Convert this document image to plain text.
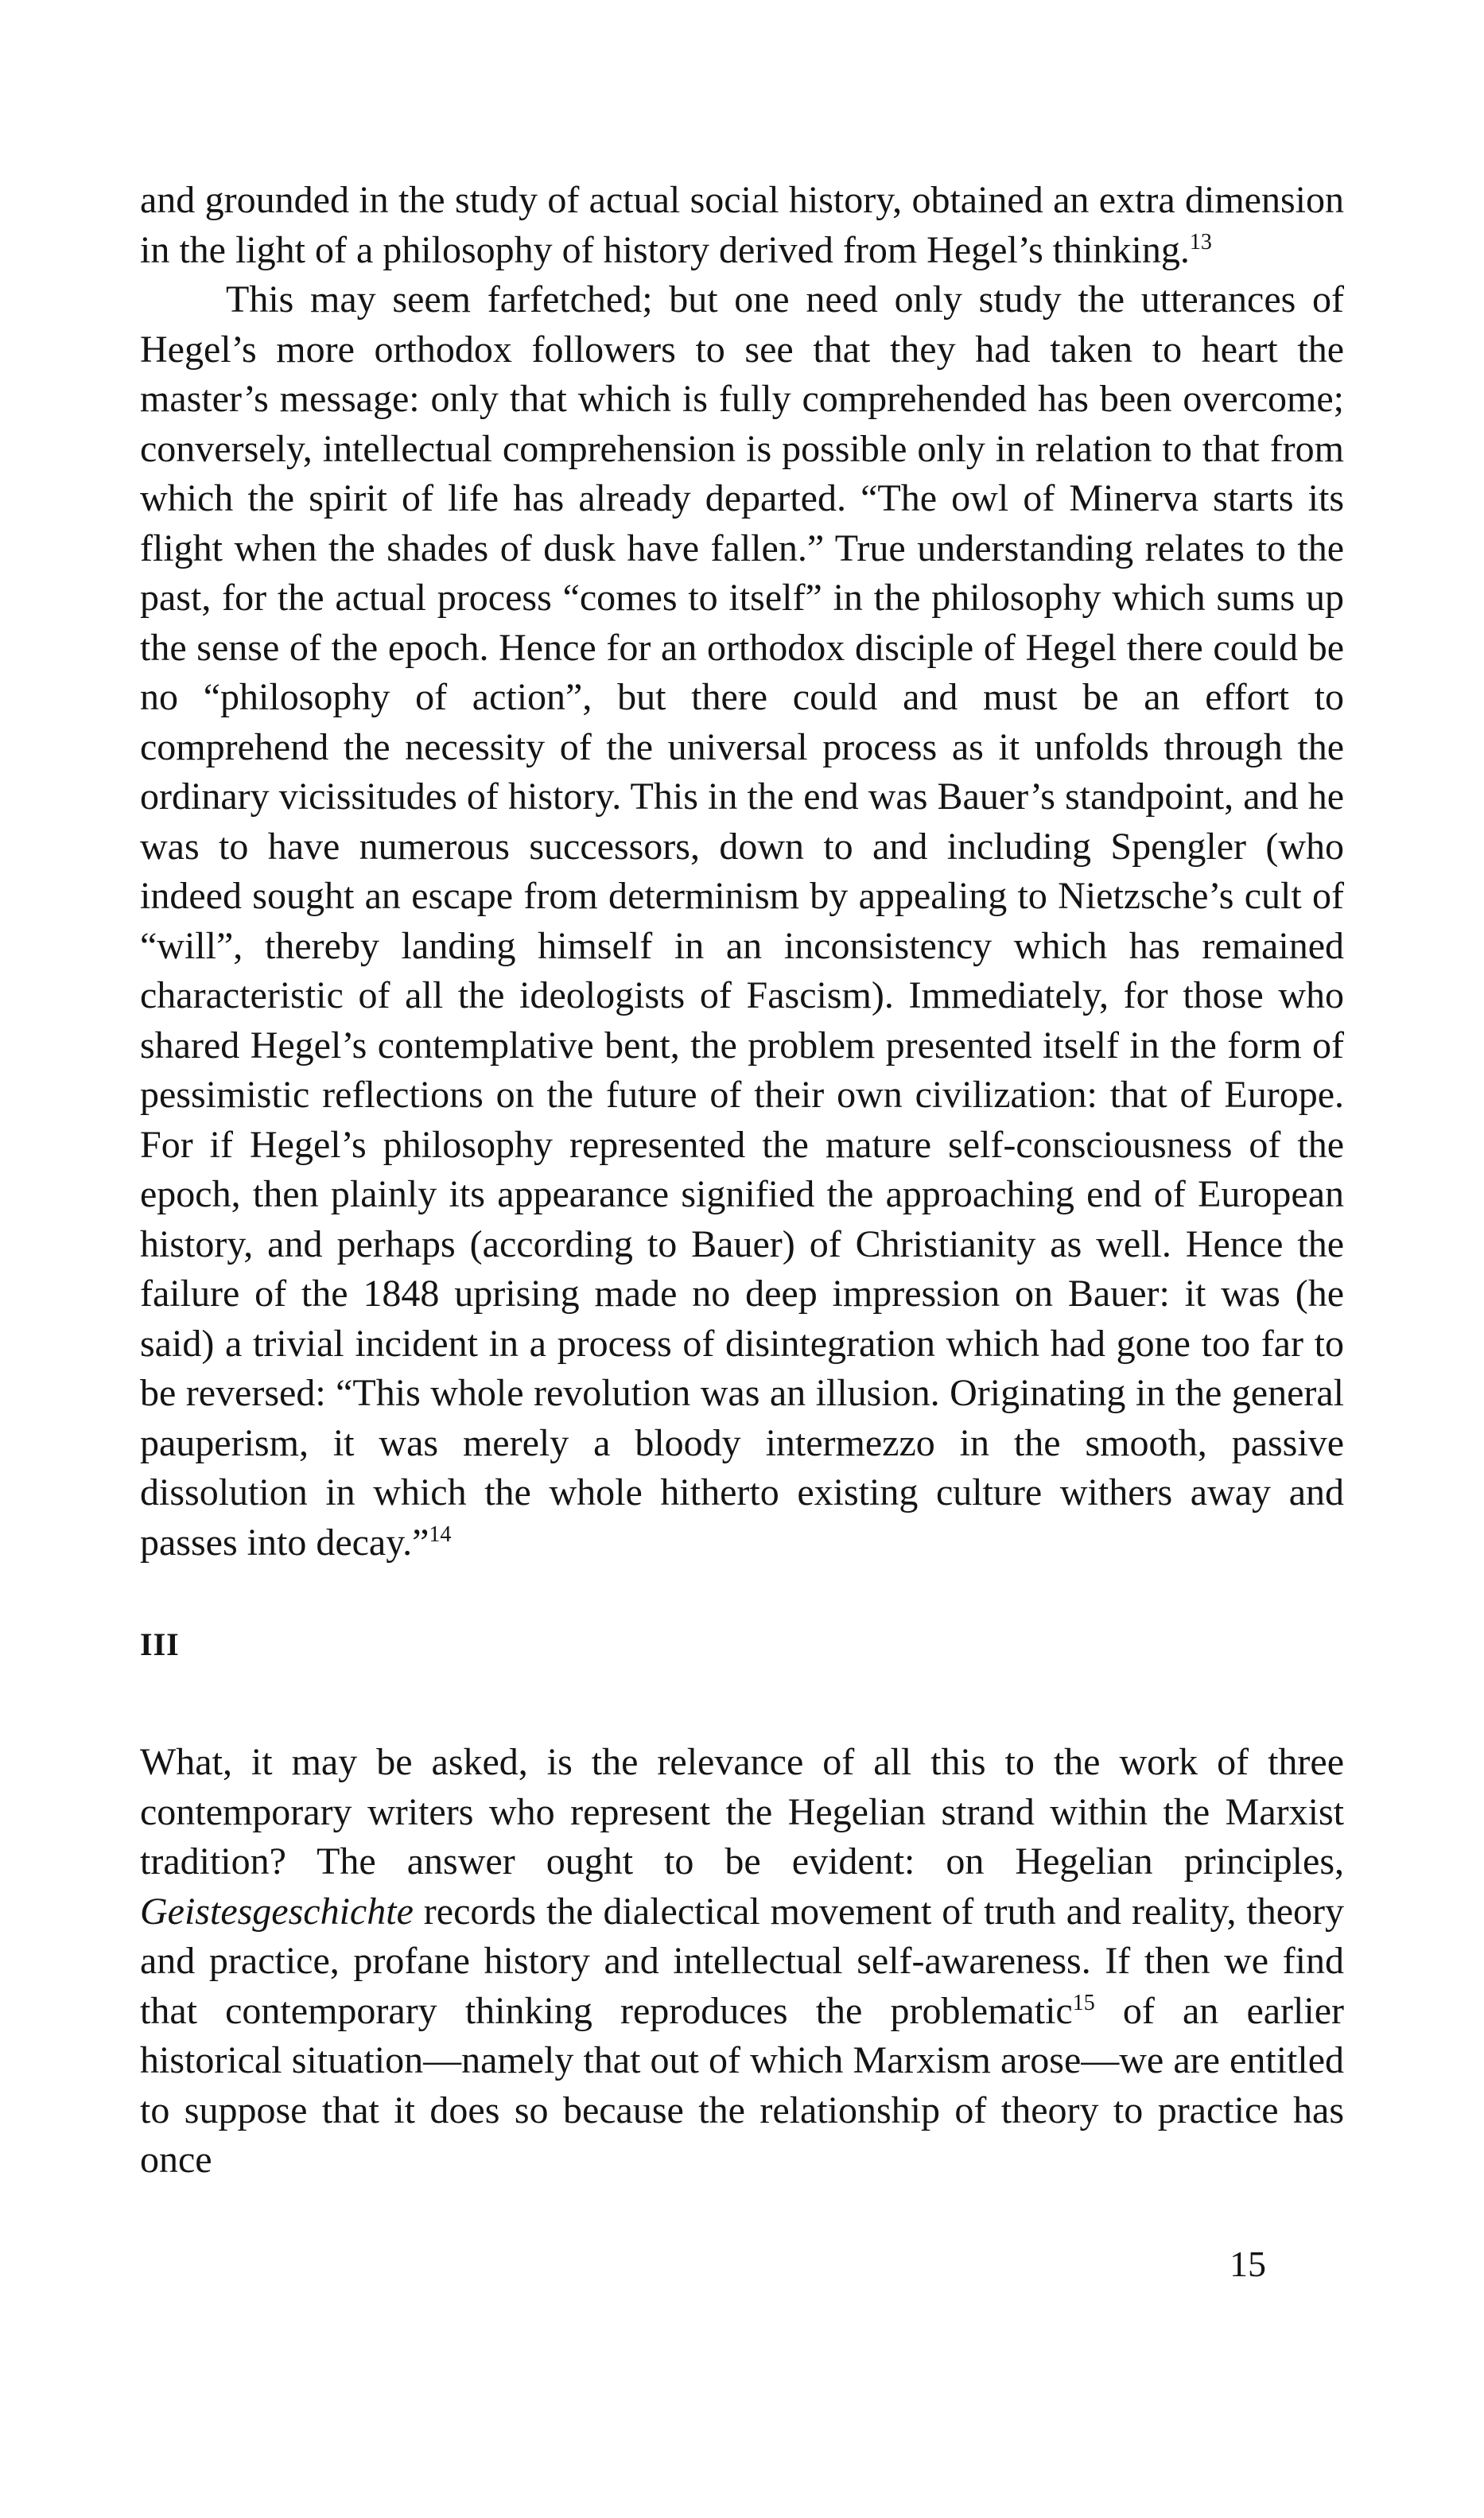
and grounded in the study of actual social history, obtained an extra dimension in the light of a philosophy of history derived from Hegel’s thinking.$^{13}$

This may seem farfetched; but one need only study the utterances of Hegel’s more orthodox followers to see that they had taken to heart the master’s message: only that which is fully comprehended has been overcome; conversely, intellectual comprehension is possible only in relation to that from which the spirit of life has already departed. “The owl of Minerva starts its flight when the shades of dusk have fallen.” True understanding relates to the past, for the actual process “comes to itself” in the philosophy which sums up the sense of the epoch. Hence for an orthodox disciple of Hegel there could be no “philosophy of action”, but there could and must be an effort to comprehend the necessity of the universal process as it unfolds through the ordinary vicissitudes of history. This in the end was Bauer’s standpoint, and he was to have numerous successors, down to and including Spengler (who indeed sought an escape from determinism by appealing to Nietzsche’s cult of “will”, thereby landing himself in an inconsistency which has remained characteristic of all the ideologists of Fascism). Immediately, for those who shared Hegel’s contemplative bent, the problem presented itself in the form of pessimistic reflections on the future of their own civilization: that of Europe. For if Hegel’s philosophy represented the mature self-consciousness of the epoch, then plainly its appearance signified the approaching end of European history, and perhaps (according to Bauer) of Christianity as well. Hence the failure of the 1848 uprising made no deep impression on Bauer: it was (he said) a trivial incident in a process of disintegration which had gone too far to be reversed: “This whole revolution was an illusion. Originating in the general pauperism, it was merely a bloody intermezzo in the smooth, passive dissolution in which the whole hitherto existing culture withers away and passes into decay.”$^{14}$

III

What, it may be asked, is the relevance of all this to the work of three contemporary writers who represent the Hegelian strand within the Marxist tradition? The answer ought to be evident: on Hegelian principles, Geistesgeschichte records the dialectical movement of truth and reality, theory and practice, profane history and intellectual self-awareness. If then we find that contemporary thinking reproduces the problematic$^{15}$ of an earlier historical situation—namely that out of which Marxism arose—we are entitled to suppose that it does so because the relationship of theory to practice has once

15
